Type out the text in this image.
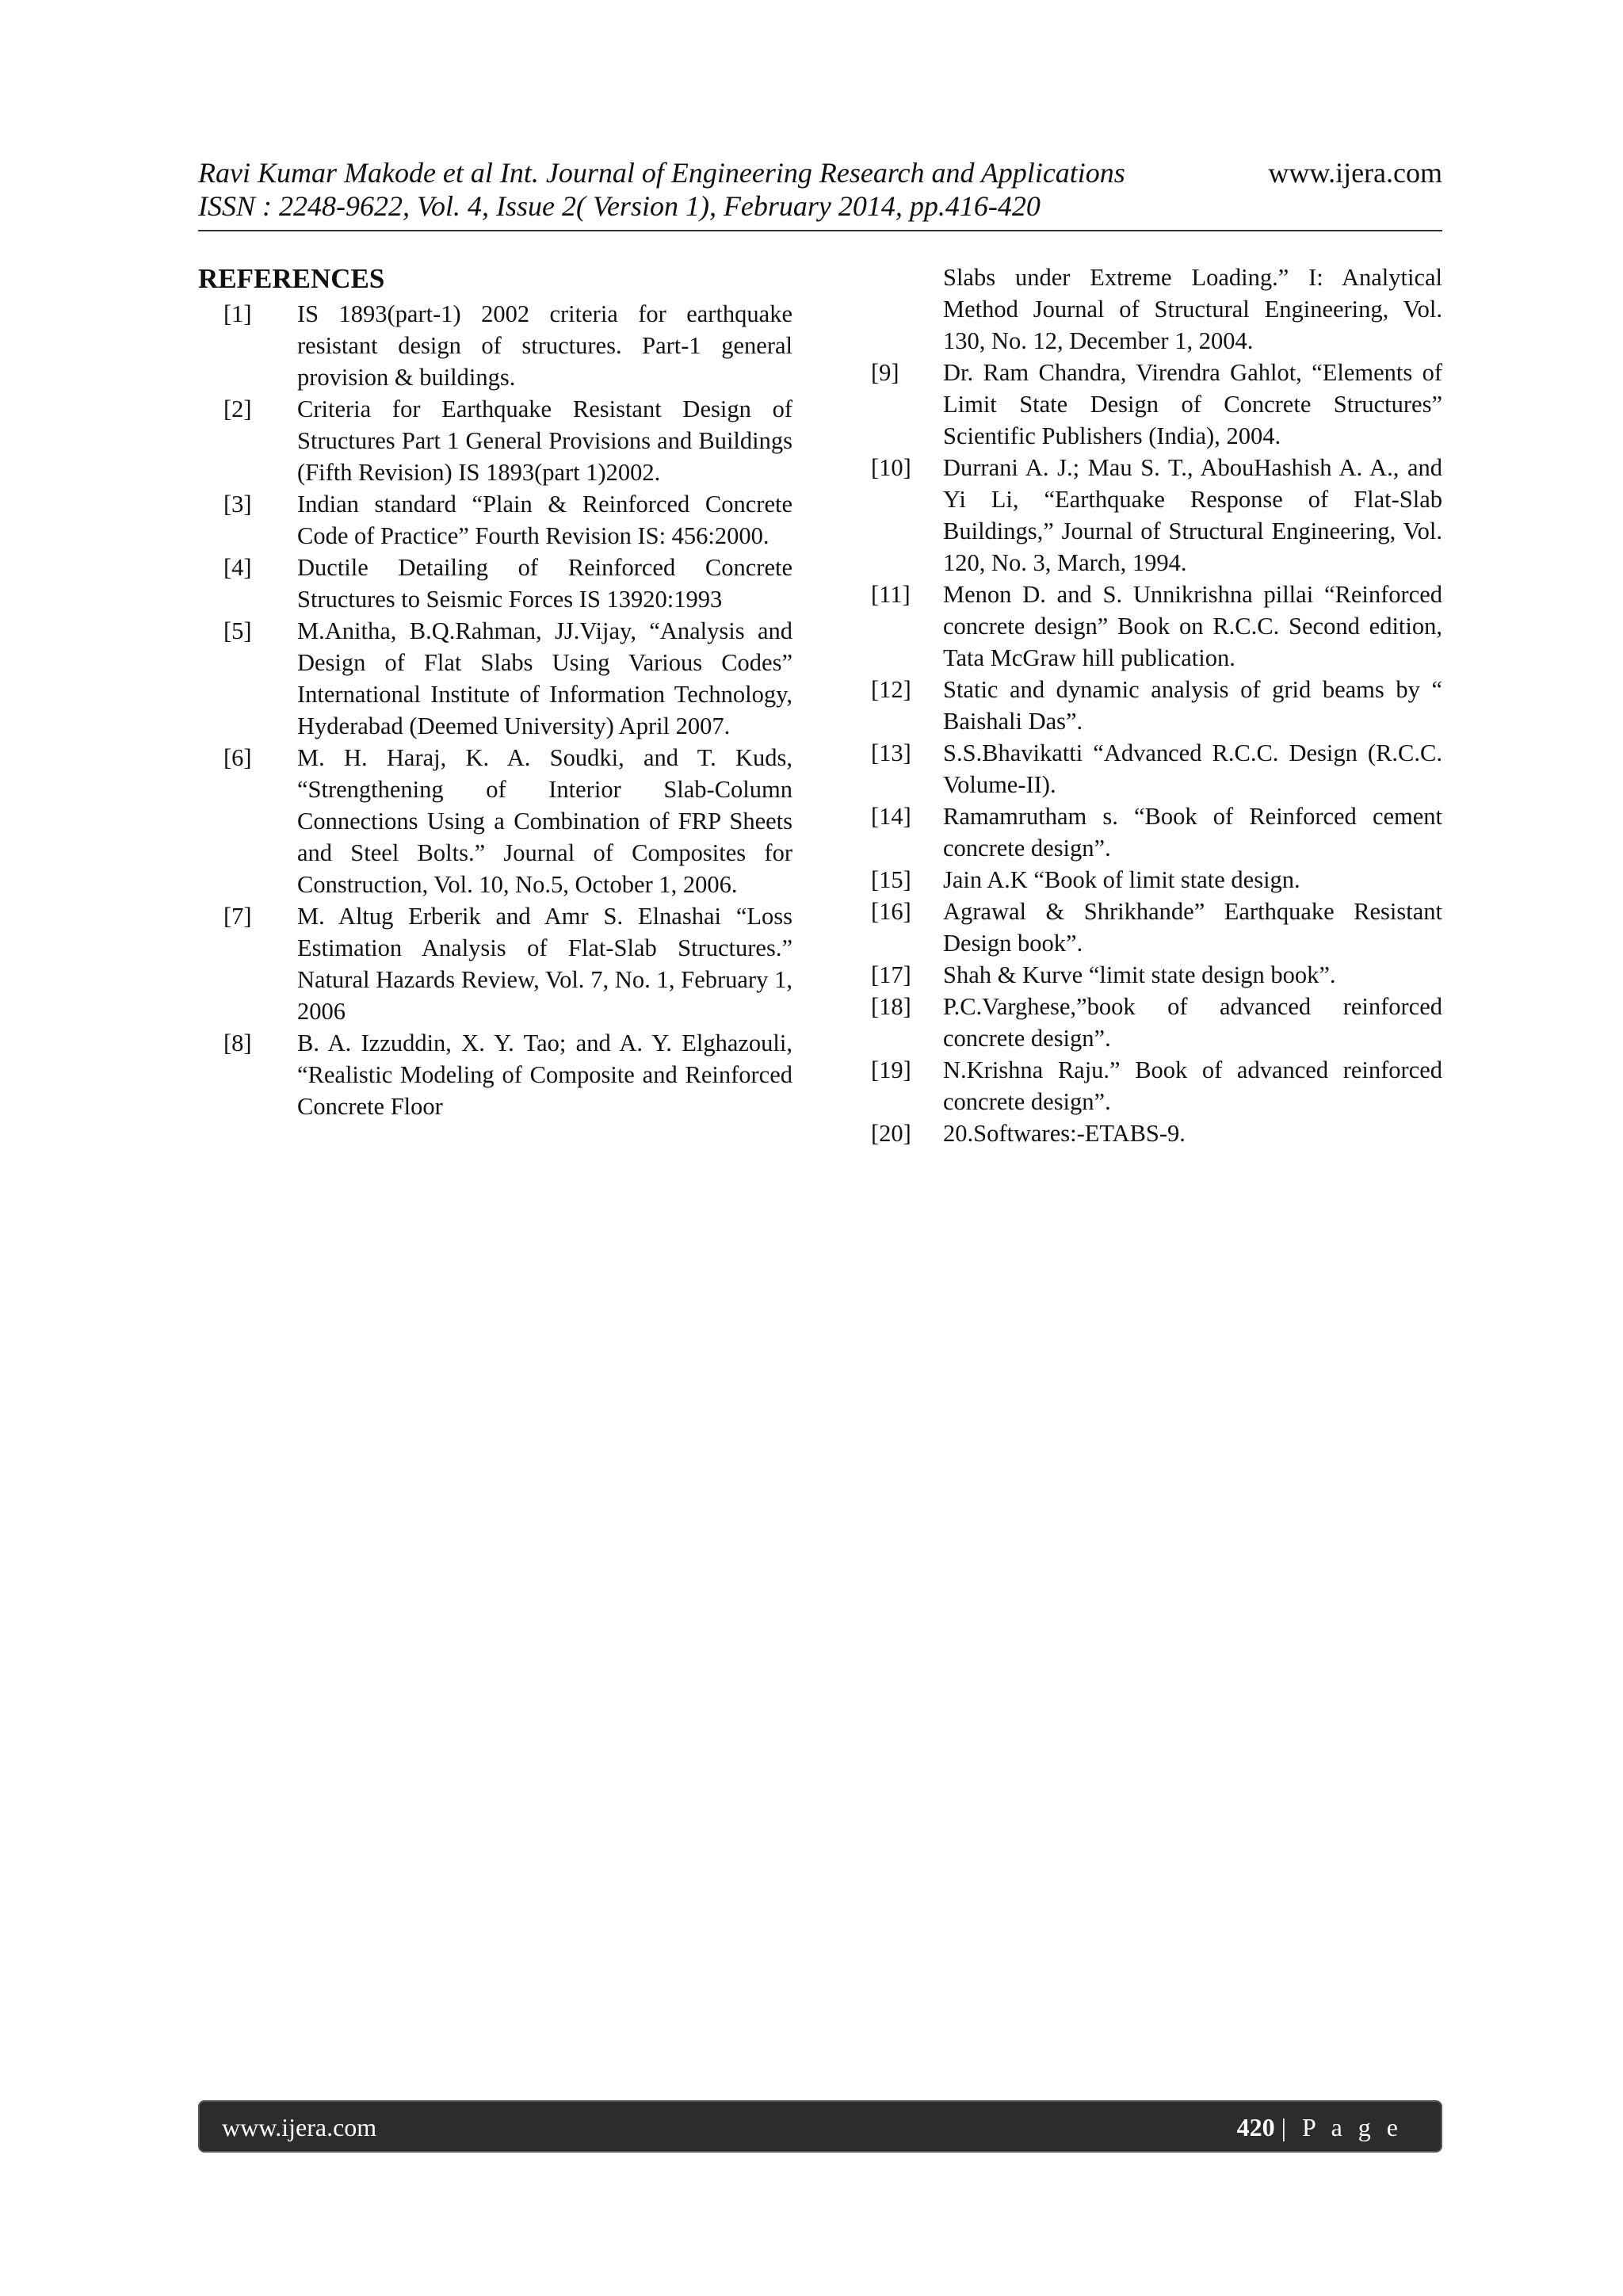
Ravi Kumar Makode et al Int. Journal of Engineering Research and Applications	www.ijera.com
ISSN : 2248-9622, Vol. 4, Issue 2( Version 1), February 2014, pp.416-420
REFERENCES
[1]	IS 1893(part-1) 2002 criteria for earthquake resistant design of structures. Part-1 general provision & buildings.
[2]	Criteria for Earthquake Resistant Design of Structures Part 1 General Provisions and Buildings (Fifth Revision) IS 1893(part 1)2002.
[3]	Indian standard “Plain & Reinforced Concrete Code of Practice” Fourth Revision IS: 456:2000.
[4]	Ductile Detailing of Reinforced Concrete Structures to Seismic Forces IS 13920:1993
[5]	M.Anitha, B.Q.Rahman, JJ.Vijay, “Analysis and Design of Flat Slabs Using Various Codes” International Institute of Information Technology, Hyderabad (Deemed University) April 2007.
[6]	M. H. Haraj, K. A. Soudki, and T. Kuds, “Strengthening of Interior Slab-Column Connections Using a Combination of FRP Sheets and Steel Bolts.” Journal of Composites for Construction, Vol. 10, No.5, October 1, 2006.
[7]	M. Altug Erberik and Amr S. Elnashai “Loss Estimation Analysis of Flat-Slab Structures.” Natural Hazards Review, Vol. 7, No. 1, February 1, 2006
[8]	B. A. Izzuddin, X. Y. Tao; and A. Y. Elghazouli, “Realistic Modeling of Composite and Reinforced Concrete Floor
Slabs under Extreme Loading.” I: Analytical Method Journal of Structural Engineering, Vol. 130, No. 12, December 1, 2004.
[9]	Dr. Ram Chandra, Virendra Gahlot, “Elements of Limit State Design of Concrete Structures” Scientific Publishers (India), 2004.
[10]	Durrani A. J.; Mau S. T., AbouHashish A. A., and Yi Li, “Earthquake Response of Flat-Slab Buildings,” Journal of Structural Engineering, Vol. 120, No. 3, March, 1994.
[11]	Menon D. and S. Unnikrishna pillai “Reinforced concrete design” Book on R.C.C. Second edition, Tata McGraw hill publication.
[12]	Static and dynamic analysis of grid beams by “ Baishali Das”.
[13]	S.S.Bhavikatti “Advanced R.C.C. Design (R.C.C. Volume-II).
[14]	Ramamrutham s. “Book of Reinforced cement concrete design”.
[15]	Jain A.K “Book of limit state design.
[16]	Agrawal & Shrikhande” Earthquake Resistant Design book”.
[17]	Shah & Kurve “limit state design book”.
[18]	P.C.Varghese,”book of advanced reinforced concrete design”.
[19]	N.Krishna Raju.” Book of advanced reinforced concrete design”.
[20]	20.Softwares:-ETABS-9.
www.ijera.com	420 | P a g e
